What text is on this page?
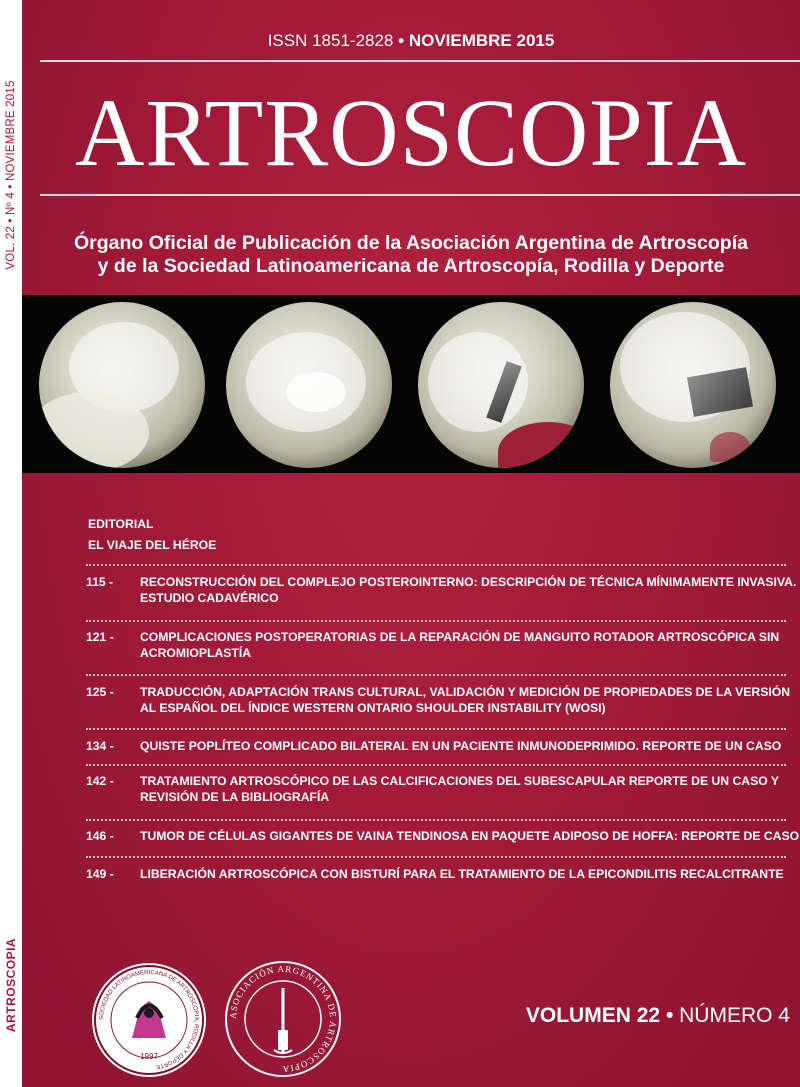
VOL. 22 • Nº 4 • NOVIEMBRE 2015
ARTROSCOPIA
ISSN 1851-2828 • NOVIEMBRE 2015
ARTROSCOPIA
Órgano Oficial de Publicación de la Asociación Argentina de Artroscopía
y de la Sociedad Latinoamericana de Artroscopía, Rodilla y Deporte
EDITORIAL
EL VIAJE DEL HÉROE
115 -	RECONSTRUCCIÓN DEL COMPLEJO POSTEROINTERNO: DESCRIPCIÓN DE TÉCNICA MÍNIMAMENTE INVASIVA. ESTUDIO CADAVÉRICO
121 -	COMPLICACIONES POSTOPERATORIAS DE LA REPARACIÓN DE MANGUITO ROTADOR ARTROSCÓPICA SIN ACROMIOPLASTÍA
125 -	TRADUCCIÓN, ADAPTACIÓN TRANS CULTURAL, VALIDACIÓN Y MEDICIÓN DE PROPIEDADES DE LA VERSIÓN AL ESPAÑOL DEL ÍNDICE WESTERN ONTARIO SHOULDER INSTABILITY (WOSI)
134 -	QUISTE POPLÍTEO COMPLICADO BILATERAL EN UN PACIENTE INMUNODEPRIMIDO. REPORTE DE UN CASO
142 -	TRATAMIENTO ARTROSCÓPICO DE LAS CALCIFICACIONES DEL SUBESCAPULAR REPORTE DE UN CASO Y REVISIÓN DE LA BIBLIOGRAFÍA
146 -	TUMOR DE CÉLULAS GIGANTES DE VAINA TENDINOSA EN PAQUETE ADIPOSO DE HOFFA: REPORTE DE CASO
149 -	LIBERACIÓN ARTROSCÓPICA CON BISTURÍ PARA EL TRATAMIENTO DE LA EPICONDILITIS RECALCITRANTE
SOCIEDAD LATINOAMERICANA DE ARTROSCOPIA, RODILLA Y DEPORTE
1997
ASOCIACIÓN ARGENTINA DE ARTROSCOPIA
VOLUMEN 22 • NÚMERO 4
